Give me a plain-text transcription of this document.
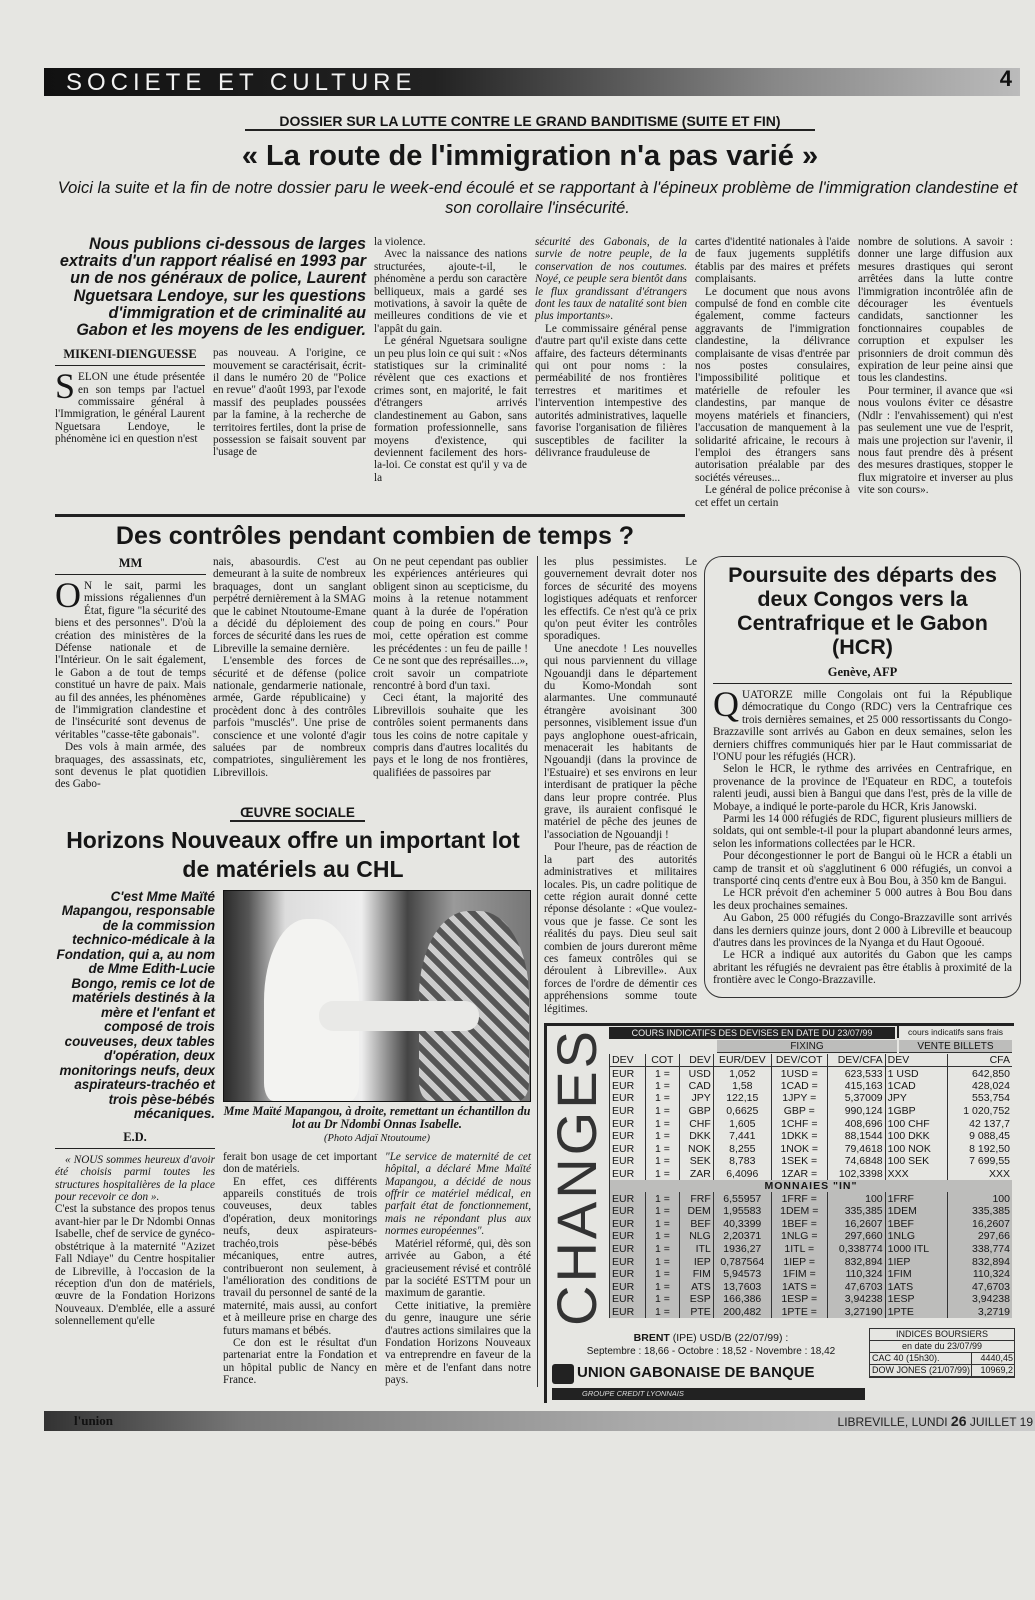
SOCIETE ET CULTURE	4
DOSSIER SUR LA LUTTE CONTRE LE GRAND BANDITISME (SUITE ET FIN)
« La route de l'immigration n'a pas varié »
Voici la suite et la fin de notre dossier paru le week-end écoulé et se rapportant à l'épineux problème de l'immigration clandestine et son corollaire l'insécurité.
Nous publions ci-dessous de larges extraits d'un rapport réalisé en 1993 par un de nos généraux de police, Laurent Nguetsara Lendoye, sur les questions d'immigration et de criminalité au Gabon et les moyens de les endiguer.
MIKENI-DIENGUESSE

SELON une étude présentée en son temps par l'actuel commissaire général à l'Immigration, le général Laurent Nguetsara Lendoye, le phénomène ici en question n'est

pas nouveau. A l'origine, ce mouvement se caractérisait, écrit-il dans le numéro 20 de "Police en revue" d'août 1993, par l'exode massif des peuplades poussées par la famine, à la recherche de territoires fertiles, dont la prise de possession se faisait souvent par l'usage de

la violence.

Avec la naissance des nations structurées, ajoute-t-il, le phénomène a perdu son caractère belliqueux, mais a gardé ses motivations, à savoir la quête de meilleures conditions de vie et l'appât du gain.

Le général Nguetsara souligne un peu plus loin ce qui suit : «Nos statistiques sur la criminalité révèlent que ces exactions et crimes sont, en majorité, le fait d'étrangers arrivés clandestinement au Gabon, sans formation professionnelle, sans moyens d'existence, qui deviennent facilement des hors-la-loi. Ce constat est qu'il y va de la

sécurité des Gabonais, de la survie de notre peuple, de la conservation de nos coutumes. Noyé, ce peuple sera bientôt dans le flux grandissant d'étrangers dont les taux de natalité sont bien plus importants».

Le commissaire général pense d'autre part qu'il existe dans cette affaire, des facteurs déterminants qui ont pour noms : la perméabilité de nos frontières terrestres et maritimes et l'intervention intempestive des autorités administratives, laquelle favorise l'organisation de filières susceptibles de faciliter la délivrance frauduleuse de

cartes d'identité nationales à l'aide de faux jugements supplétifs établis par des maires et préfets complaisants.

Le document que nous avons compulsé de fond en comble cite également, comme facteurs aggravants de l'immigration clandestine, la délivrance complaisante de visas d'entrée par nos postes consulaires, l'impossibilité politique et matérielle de refouler les clandestins, par manque de moyens matériels et financiers, l'accusation de manquement à la solidarité africaine, le recours à l'emploi des étrangers sans autorisation préalable par des sociétés véreuses...

Le général de police préconise à cet effet un certain

nombre de solutions. A savoir : donner une large diffusion aux mesures drastiques qui seront arrêtées dans la lutte contre l'immigration incontrôlée afin de décourager les éventuels candidats, sanctionner les fonctionnaires coupables de corruption et expulser les prisonniers de droit commun dès expiration de leur peine ainsi que tous les clandestins.

Pour terminer, il avance que «si nous voulons éviter ce désastre (Ndlr : l'envahissement) qui n'est pas seulement une vue de l'esprit, mais une projection sur l'avenir, il nous faut prendre dès à présent des mesures drastiques, stopper le flux migratoire et inverser au plus vite son cours».

Des contrôles pendant combien de temps ?
MM

ON le sait, parmi les missions régaliennes d'un État, figure "la sécurité des biens et des personnes". D'où la création des ministères de la Défense nationale et de l'Intérieur. On le sait également, le Gabon a de tout de temps constitué un havre de paix. Mais au fil des années, les phénomènes de l'immigration clandestine et de l'insécurité sont devenus de véritables "casse-tête gabonais".

Des vols à main armée, des braquages, des assassinats, etc, sont devenus le plat quotidien des Gabo-

nais, abasourdis. C'est au demeurant à la suite de nombreux braquages, dont un sanglant perpétré dernièrement à la SMAG que le cabinet Ntoutoume-Emane a décidé du déploiement des forces de sécurité dans les rues de Libreville la semaine dernière.

L'ensemble des forces de sécurité et de défense (police nationale, gendarmerie nationale, armée, Garde républicaine) y procèdent donc à des contrôles parfois "musclés". Une prise de conscience et une volonté d'agir saluées par de nombreux compatriotes, singulièrement les Librevillois.

On ne peut cependant pas oublier les expériences antérieures qui obligent sinon au scepticisme, du moins à la retenue notamment quant à la durée de l'opération coup de poing en cours." Pour moi, cette opération est comme les précédentes : un feu de paille ! Ce ne sont que des représailles...», croit savoir un compatriote rencontré à bord d'un taxi.

Ceci étant, la majorité des Librevillois souhaite que les contrôles soient permanents dans tous les coins de notre capitale y compris dans d'autres localités du pays et le long de nos frontières, qualifiées de passoires par

ŒUVRE SOCIALE
Horizons Nouveaux offre un important lot de matériels au CHL
C'est Mme Maïté Mapangou, responsable de la commission technico-médicale à la Fondation, qui a, au nom de Mme Edith-Lucie Bongo, remis ce lot de matériels destinés à la mère et l'enfant et composé de trois couveuses, deux tables d'opération, deux monitorings neufs, deux aspirateurs-trachéo et trois pèse-bébés mécaniques.
E.D.

« NOUS sommes heureux d'avoir été choisis parmi toutes les structures hospitalières de la place pour recevoir ce don ».

C'est la substance des propos tenus avant-hier par le Dr Ndombi Onnas Isabelle, chef de service de gynéco-obstétrique à la maternité "Azizet Fall Ndiaye" du Centre hospitalier de Libreville, à l'occasion de la réception d'un don de matériels, œuvre de la Fondation Horizons Nouveaux. D'emblée, elle a assuré solennellement qu'elle

Mme Maïté Mapangou, à droite, remettant un échantillon du lot au Dr Ndombi Onnas Isabelle.
(Photo Adjaï Ntoutoume)

ferait bon usage de cet important don de matériels.

En effet, ces différents appareils constitués de trois couveuses, deux tables d'opération, deux monitorings neufs, deux aspirateurs-trachéo,trois pèse-bébés mécaniques, entre autres, contribueront non seulement, à l'amélioration des conditions de travail du personnel de santé de la maternité, mais aussi, au confort et à meilleure prise en charge des futurs mamans et bébés.

Ce don est le résultat d'un partenariat entre la Fondation et un hôpital public de Nancy en France.

"Le service de maternité de cet hôpital, a déclaré Mme Maïté Mapangou, a décidé de nous offrir ce matériel médical, en parfait état de fonctionnement, mais ne répondant plus aux normes européennes".

Matériel réformé, qui, dès son arrivée au Gabon, a été gracieusement révisé et contrôlé par la société ESTTM pour un maximum de garantie.

Cette initiative, la première du genre, inaugure une série d'autres actions similaires que la Fondation Horizons Nouveaux va entreprendre en faveur de la mère et de l'enfant dans notre pays.

les plus pessimistes. Le gouvernement devrait doter nos forces de sécurité des moyens logistiques adéquats et renforcer les effectifs. Ce n'est qu'à ce prix qu'on peut éviter les contrôles sporadiques.

Une anecdote ! Les nouvelles qui nous parviennent du village Ngouandji dans le département du Komo-Mondah sont alarmantes. Une communauté étrangère avoisinant 300 personnes, visiblement issue d'un pays anglophone ouest-africain, menacerait les habitants de Ngouandji (dans la province de l'Estuaire) et ses environs en leur interdisant de pratiquer la pêche dans leur propre contrée. Plus grave, ils auraient confisqué le matériel de pêche des jeunes de l'association de Ngouandji !

Pour l'heure, pas de réaction de la part des autorités administratives et militaires locales. Pis, un cadre politique de cette région aurait donné cette réponse désolante : «Que voulez-vous que je fasse. Ce sont les réalités du pays. Dieu seul sait combien de jours dureront même ces fameux contrôles qui se déroulent à Libreville». Aux forces de l'ordre de démentir ces appréhensions somme toute légitimes.

Poursuite des départs des deux Congos vers la Centrafrique et le Gabon (HCR)
Genève, AFP

QUATORZE mille Congolais ont fui la République démocratique du Congo (RDC) vers la Centrafrique ces trois dernières semaines, et 25 000 ressortissants du Congo-Brazzaville sont arrivés au Gabon en deux semaines, selon les derniers chiffres communiqués hier par le Haut commissariat de l'ONU pour les réfugiés (HCR).

Selon le HCR, le rythme des arrivées en Centrafrique, en provenance de la province de l'Equateur en RDC, a toutefois ralenti jeudi, aussi bien à Bangui que dans l'est, près de la ville de Mobaye, a indiqué le porte-parole du HCR, Kris Janowski.

Parmi les 14 000 réfugiés de RDC, figurent plusieurs milliers de soldats, qui ont semble-t-il pour la plupart abandonné leurs armes, selon les informations collectées par le HCR.

Pour décongestionner le port de Bangui où le HCR a établi un camp de transit et où s'agglutinent 6 000 réfugiés, un convoi a transporté cinq cents d'entre eux à Bou Bou, à 350 km de Bangui.

Le HCR prévoit d'en acheminer 5 000 autres à Bou Bou dans les deux prochaines semaines.

Au Gabon, 25 000 réfugiés du Congo-Brazzaville sont arrivés dans les derniers quinze jours, dont 2 000 à Libreville et beaucoup d'autres dans les provinces de la Nyanga et du Haut Ogooué.

Le HCR a indiqué aux autorités du Gabon que les camps abritant les réfugiés ne devraient pas être établis à proximité de la frontière avec le Congo-Brazzaville.

CHANGES	COURS INDICATIFS DES DEVISES EN DATE DU 23/07/99	cours indicatifs sans frais
FIXING	VENTE BILLETS
DEV	COT	DEV	EUR/DEV	DEV/COT	DEV/CFA	DEV	CFA
EUR	1 =	USD	1,052	1USD =	623,533	1 USD	642,850
EUR	1 =	CAD	1,58	1CAD =	415,163	1CAD	428,024
EUR	1 =	JPY	122,15	1JPY =	5,37009	JPY	553,754
EUR	1 =	GBP	0,6625	GBP =	990,124	1GBP	1 020,752
EUR	1 =	CHF	1,605	1CHF =	408,696	100 CHF	42 137,7
EUR	1 =	DKK	7,441	1DKK =	88,1544	100 DKK	9 088,45
EUR	1 =	NOK	8,255	1NOK =	79,4618	100 NOK	8 192,50
EUR	1 =	SEK	8,783	1SEK =	74,6848	100 SEK	7 699,55
EUR	1 =	ZAR	6,4096	1ZAR =	102,3398	XXX	XXX
MONNAIES "IN"							
EUR	1 =	FRF	6,55957	1FRF =	100	1FRF	100
EUR	1 =	DEM	1,95583	1DEM =	335,385	1DEM	335,385
EUR	1 =	BEF	40,3399	1BEF =	16,2607	1BEF	16,2607
EUR	1 =	NLG	2,20371	1NLG =	297,660	1NLG	297,66
EUR	1 =	ITL	1936,27	1ITL =	0,338774	1000 ITL	338,774
EUR	1 =	IEP	0,787564	1IEP =	832,894	1IEP	832,894
EUR	1 =	FIM	5,94573	1FIM =	110,324	1FIM	110,324
EUR	1 =	ATS	13,7603	1ATS =	47,6703	1ATS	47,6703
EUR	1 =	ESP	166,386	1ESP =	3,94238	1ESP	3,94238
EUR	1 =	PTE	200,482	1PTE =	3,27190	1PTE	3,2719
BRENT (IPE) USD/B (22/07/99) :
Septembre : 18,66 - Octobre : 18,52 - Novembre : 18,42
INDICES BOURSIERS
en date du 23/07/99
CAC 40 (15h30).	4440,45
DOW JONES (21/07/99)	10969,2
UNION GABONAISE DE BANQUE
GROUPE CREDIT LYONNAIS
l'union	LIBREVILLE, LUNDI 26 JUILLET 19
